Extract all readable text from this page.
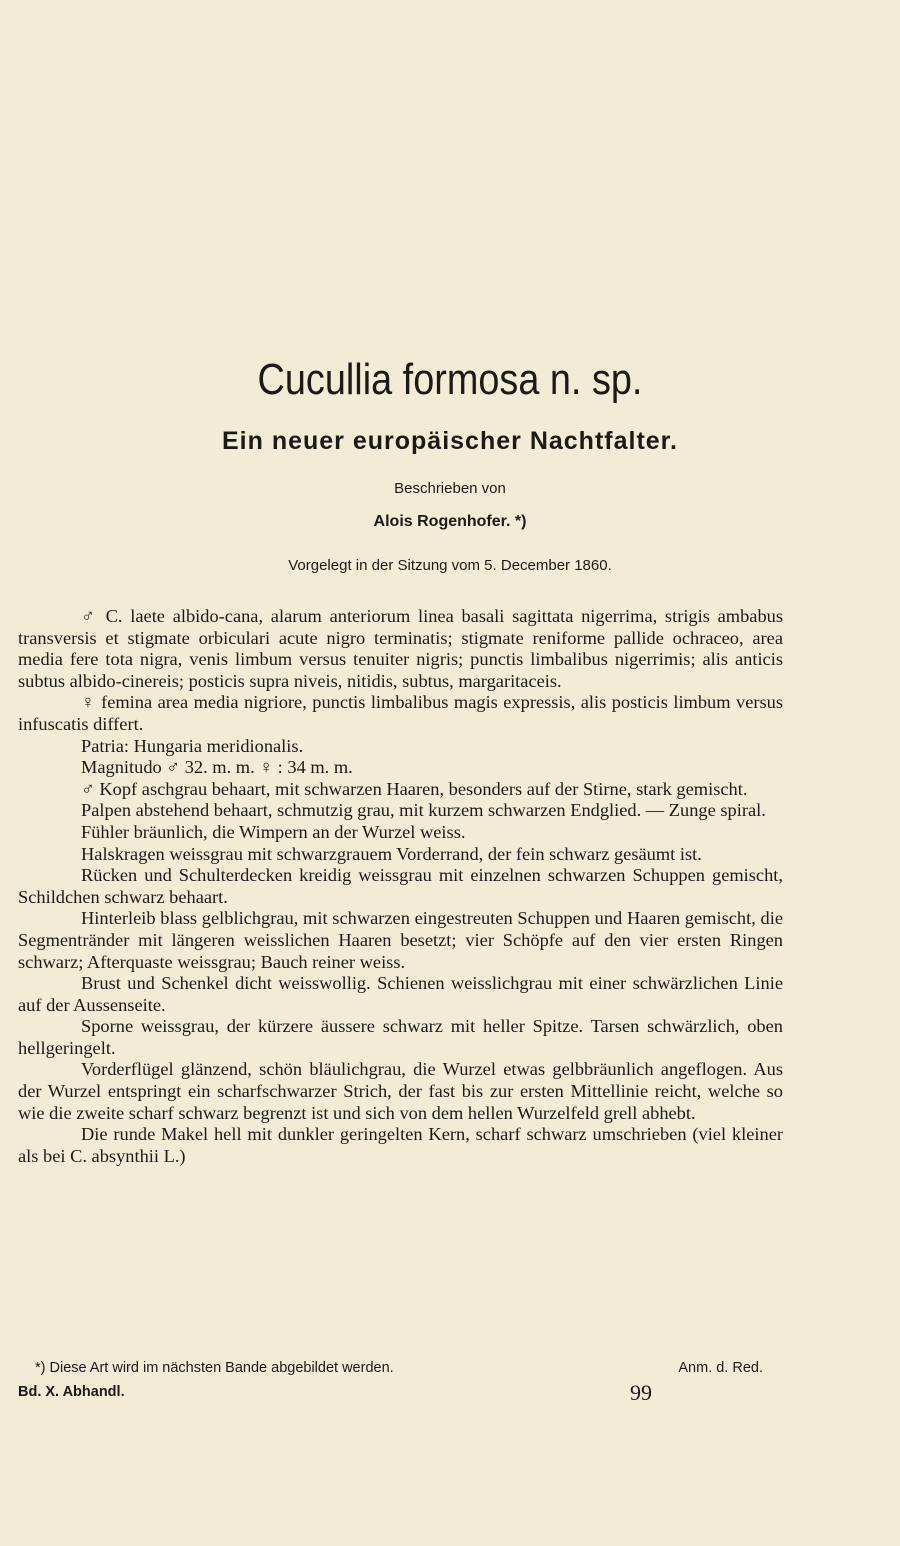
Cucullia formosa n. sp.
Ein neuer europäischer Nachtfalter.
Beschrieben von
Alois Rogenhofer. *)
Vorgelegt in der Sitzung vom 5. December 1860.

♂ C. laete albido-cana, alarum anteriorum linea basali sagittata nigerrima, strigis ambabus transversis et stigmate orbiculari acute nigro terminatis; stigmate reniforme pallide ochraceo, area media fere tota nigra, venis limbum versus tenuiter nigris; punctis limbalibus nigerrimis; alis anticis subtus albido-cinereis; posticis supra niveis, nitidis, subtus, margaritaceis.

♀ femina area media nigriore, punctis limbalibus magis expressis, alis posticis limbum versus infuscatis differt.

Patria: Hungaria meridionalis.

Magnitudo ♂ 32. m. m. ♀ : 34 m. m.

♂ Kopf aschgrau behaart, mit schwarzen Haaren, besonders auf der Stirne, stark gemischt.

Palpen abstehend behaart, schmutzig grau, mit kurzem schwarzen Endglied. — Zunge spiral.

Fühler bräunlich, die Wimpern an der Wurzel weiss.

Halskragen weissgrau mit schwarzgrauem Vorderrand, der fein schwarz gesäumt ist.

Rücken und Schulterdecken kreidig weissgrau mit einzelnen schwarzen Schuppen gemischt, Schildchen schwarz behaart.

Hinterleib blass gelblichgrau, mit schwarzen eingestreuten Schuppen und Haaren gemischt, die Segmentränder mit längeren weisslichen Haaren besetzt; vier Schöpfe auf den vier ersten Ringen schwarz; Afterquaste weissgrau; Bauch reiner weiss.

Brust und Schenkel dicht weisswollig. Schienen weisslichgrau mit einer schwärzlichen Linie auf der Aussenseite.

Sporne weissgrau, der kürzere äussere schwarz mit heller Spitze. Tarsen schwärzlich, oben hellgeringelt.

Vorderflügel glänzend, schön bläulichgrau, die Wurzel etwas gelbbräunlich angeflogen. Aus der Wurzel entspringt ein scharfschwarzer Strich, der fast bis zur ersten Mittellinie reicht, welche so wie die zweite scharf schwarz begrenzt ist und sich von dem hellen Wurzelfeld grell abhebt.

Die runde Makel hell mit dunkler geringelten Kern, scharf schwarz umschrieben (viel kleiner als bei C. absynthii L.)

*) Diese Art wird im nächsten Bande abgebildet werden.	Anm. d. Red.
Bd. X. Abhandl.	99
